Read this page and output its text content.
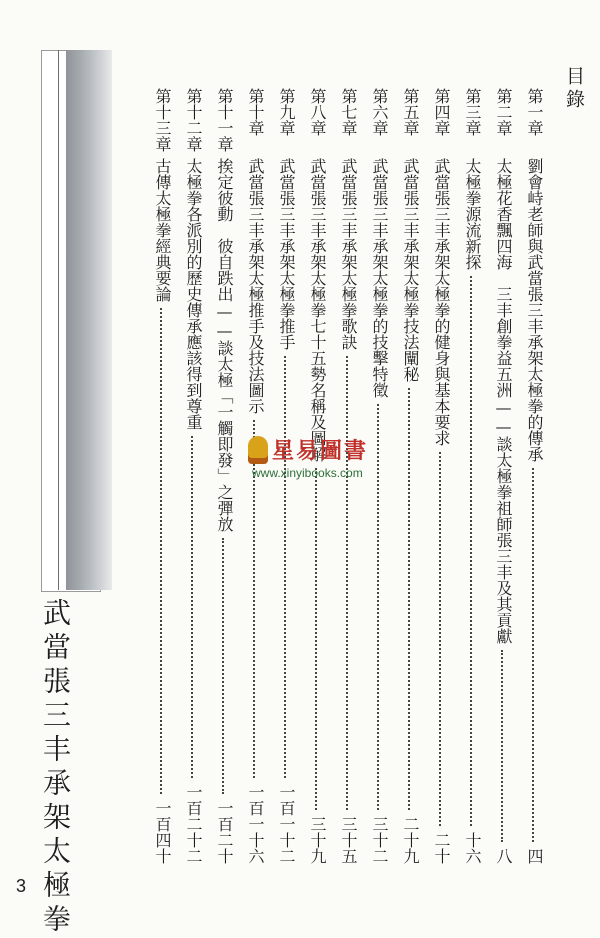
武當張三丰承架太極拳
3
目錄
第一章
劉會峙老師與武當張三丰承架太極拳的傳承
四
第二章
太極花香飄四海　三丰創拳益五洲——談太極拳祖師張三丰及其貢獻
八
第三章
太極拳源流新探
十六
第四章
武當張三丰承架太極拳的健身與基本要求
二十
第五章
武當張三丰承架太極拳技法闡秘
二十九
第六章
武當張三丰承架太極拳的技擊特徵
三十二
第七章
武當張三丰承架太極拳歌訣
三十五
第八章
武當張三丰承架太極拳七十五勢名稱及圖解
三十九
第九章
武當張三丰承架太極拳推手
一百一十二
第十章
武當張三丰承架太極推手及技法圖示
一百一十六
第十一章
挨定彼動　彼自跌出——談太極「一觸即發」之彈放
一百二十
第十二章
太極拳各派別的歷史傳承應該得到尊重
一百二十二
第十三章
古傳太極拳經典要論
一百四十
星易圖書
www.xinyibooks.com
